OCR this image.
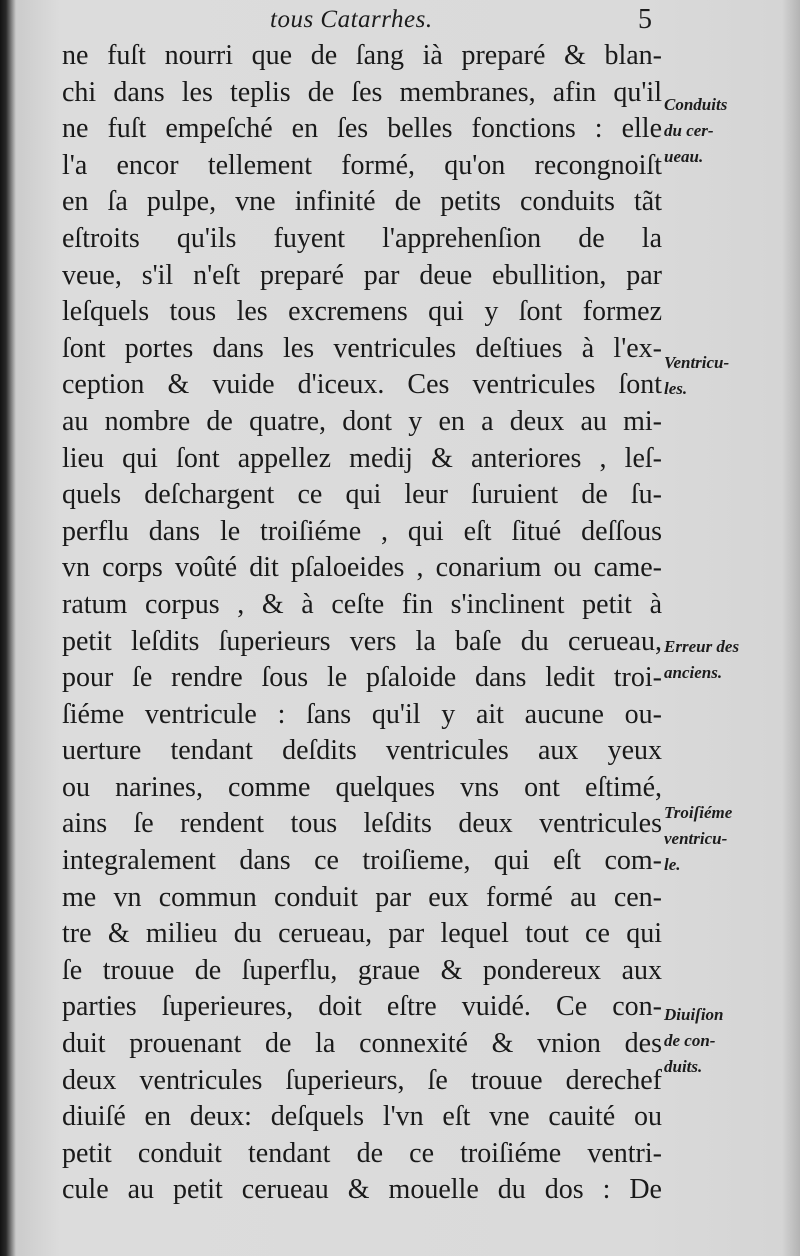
tous Catarrhes.	5
ne fuſt nourri que de ſang ià preparé & blan-
chi dans les teplis de ſes membranes, afin qu'il
ne fuſt empeſché en ſes belles fonctions : elle
l'a encor tellement formé, qu'on recongnoiſt
en ſa pulpe, vne infinité de petits conduits tãt
eſtroits qu'ils fuyent l'apprehenſion de la
veue, s'il n'eſt preparé par deue ebullition, par
leſquels tous les excremens qui y ſont formez
ſont portes dans les ventricules deſtiues à l'ex-
ception & vuide d'iceux. Ces ventricules ſont
au nombre de quatre, dont y en a deux au mi-
lieu qui ſont appellez medij & anteriores , leſ-
quels deſchargent ce qui leur ſuruient de ſu-
perflu dans le troiſiéme , qui eſt ſitué deſſous
vn corps voûté dit pſaloeides , conarium ou came-
ratum corpus , & à ceſte fin s'inclinent petit à
petit leſdits ſuperieurs vers la baſe du cerueau,
pour ſe rendre ſous le pſaloide dans ledit troi-
ſiéme ventricule : ſans qu'il y ait aucune ou-
uerture tendant deſdits ventricules aux yeux
ou narines, comme quelques vns ont eſtimé,
ains ſe rendent tous leſdits deux ventricules
integralement dans ce troiſieme, qui eſt com-
me vn commun conduit par eux formé au cen-
tre & milieu du cerueau, par lequel tout ce qui
ſe trouue de ſuperflu, graue & pondereux aux
parties ſuperieures, doit eſtre vuidé. Ce con-
duit prouenant de la connexité & vnion des
deux ventricules ſuperieurs, ſe trouue derechef
diuiſé en deux: deſquels l'vn eſt vne cauité ou
petit conduit tendant de ce troiſiéme ventri-
cule au petit cerueau & mouelle du dos : De
Conduits
du cer-
ueau.
Ventricu-
les.
Erreur des
anciens.
Troiſiéme
ventricu-
le.
Diuiſion
de con-
duits.
